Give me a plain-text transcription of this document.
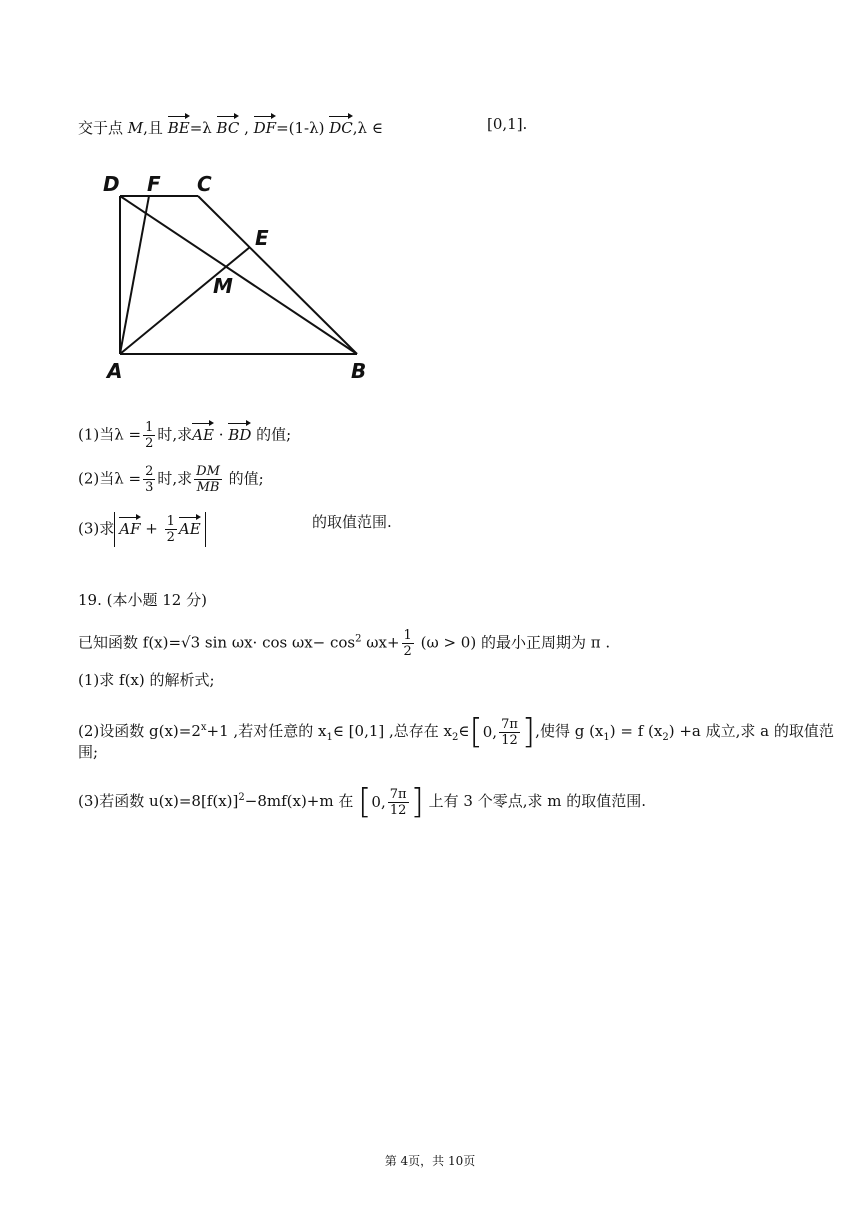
交于点 M,且 BE=λ BC , DF=(1-λ) DC,λ ∈	[0,1].
D F C
E
M
A	B
(1)当$\lambda = \frac{1}{2}$ 时,求AE · BD 的值;
(2)当$\lambda = \frac{2}{3}$ 时,求 $\frac{DM}{MB}$ 的值;
(3)求 AF + $\frac{1}{2}$ AE	的取值范围.
19. (本小题 12 分)
已知函数 f(x)=√3 $\sin \omega x\cdot \cos \omega x- \cos^2 \omega x+ \frac{1}{2} (\omega > 0)$ 的最小正周期为 π .
(1)求 f(x) 的解析式;
(2)设函数 $g(x)=2^x+1$ ,若对任意的 $x_1\in$ [0,1] ,总存在 $x_2\in$ [ 0, $\frac{7\pi}{12}$ ] ,使得 g $(x_1) = f$ $(x_2) +a$ 成立,求 a 的取值范
围;
(3)若函数 $u(x)=8[f(x)]^2-8mf(x)+m$ 在 [ 0, $\frac{7\pi}{12}$ ] 上有 3 个零点,求 m 的取值范围.
第 4页，共 10页
